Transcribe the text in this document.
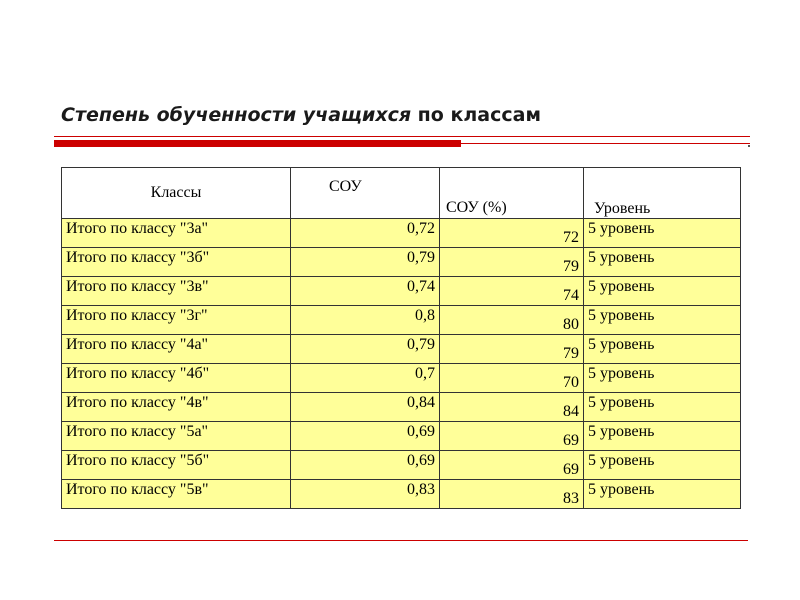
Степень обученности учащихся по классам
Классы	СОУ	СОУ (%)	Уровень
Итого по классу "3а"	0,72	72	5 уровень
Итого по классу "3б"	0,79	79	5 уровень
Итого по классу "3в"	0,74	74	5 уровень
Итого по классу "3г"	0,8	80	5 уровень
Итого по классу "4а"	0,79	79	5 уровень
Итого по классу "4б"	0,7	70	5 уровень
Итого по классу "4в"	0,84	84	5 уровень
Итого по классу "5а"	0,69	69	5 уровень
Итого по классу "5б"	0,69	69	5 уровень
Итого по классу "5в"	0,83	83	5 уровень
